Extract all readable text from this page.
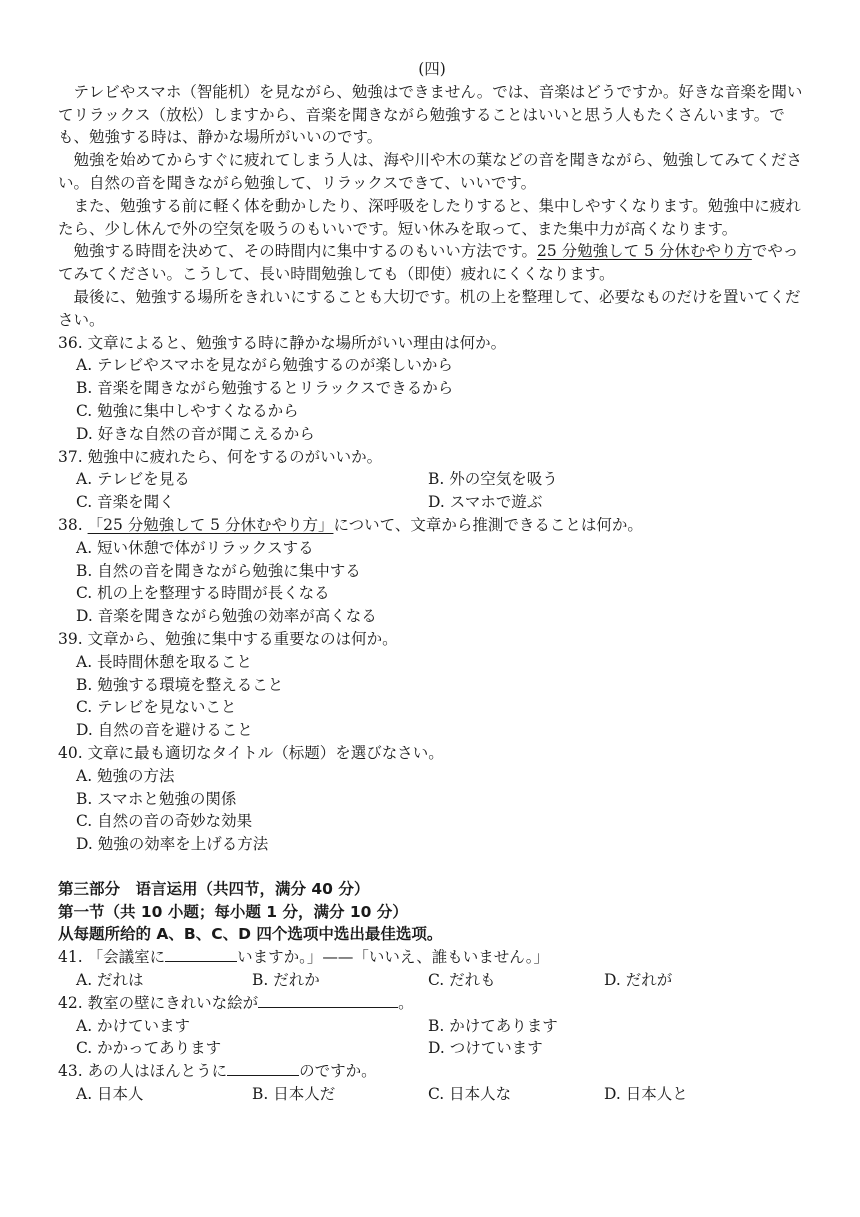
(四)

テレビやスマホ（智能机）を見ながら、勉強はできません。では、音楽はどうですか。好きな音楽を聞いてリラックス（放松）しますから、音楽を聞きながら勉強することはいいと思う人もたくさんいます。でも、勉強する時は、静かな場所がいいのです。

勉強を始めてからすぐに疲れてしまう人は、海や川や木の葉などの音を聞きながら、勉強してみてください。自然の音を聞きながら勉強して、リラックスできて、いいです。

また、勉強する前に軽く体を動かしたり、深呼吸をしたりすると、集中しやすくなります。勉強中に疲れたら、少し休んで外の空気を吸うのもいいです。短い休みを取って、また集中力が高くなります。

勉強する時間を決めて、その時間内に集中するのもいい方法です。25 分勉強して 5 分休むやり方でやってみてください。こうして、長い時間勉強しても（即使）疲れにくくなります。

最後に、勉強する場所をきれいにすることも大切です。机の上を整理して、必要なものだけを置いてください。

36. 文章によると、勉強する時に静かな場所がいい理由は何か。

A. テレビやスマホを見ながら勉強するのが楽しいから

B. 音楽を聞きながら勉強するとリラックスできるから

C. 勉強に集中しやすくなるから

D. 好きな自然の音が聞こえるから

37. 勉強中に疲れたら、何をするのがいいか。

A. テレビを見る	B. 外の空気を吸う
C. 音楽を聞く	D. スマホで遊ぶ

38. 「25 分勉強して 5 分休むやり方」について、文章から推測できることは何か。

A. 短い休憩で体がリラックスする

B. 自然の音を聞きながら勉強に集中する

C. 机の上を整理する時間が長くなる

D. 音楽を聞きながら勉強の効率が高くなる

39. 文章から、勉強に集中する重要なのは何か。

A. 長時間休憩を取ること

B. 勉強する環境を整えること

C. テレビを見ないこと

D. 自然の音を避けること

40. 文章に最も適切なタイトル（标题）を選びなさい。

A. 勉強の方法

B. スマホと勉強の関係

C. 自然の音の奇妙な効果

D. 勉強の効率を上げる方法

第三部分　语言运用（共四节，满分 40 分）

第一节（共 10 小题；每小题 1 分，满分 10 分）

从每题所给的 A、B、C、D 四个选项中选出最佳选项。

41. 「会議室に	いますか。」——「いいえ、誰もいません。」

A. だれは	B. だれか	C. だれも	D. だれが

42. 教室の壁にきれいな絵が	。

A. かけています	B. かけてあります
C. かかってあります	D. つけています

43. あの人はほんとうに	のですか。

A. 日本人	B. 日本人だ	C. 日本人な	D. 日本人と
